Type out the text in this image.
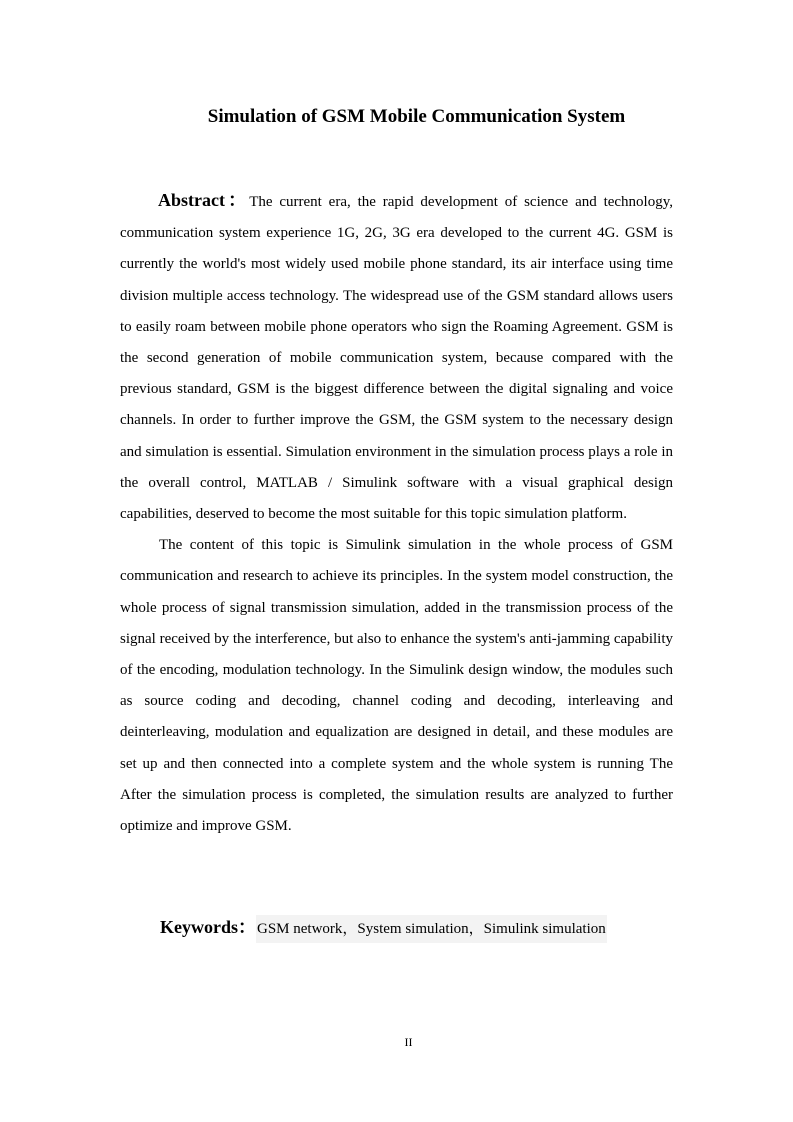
Simulation of GSM Mobile Communication System

Abstract：The current era, the rapid development of science and technology, communication system experience 1G, 2G, 3G era developed to the current 4G. GSM is currently the world's most widely used mobile phone standard, its air interface using time division multiple access technology. The widespread use of the GSM standard allows users to easily roam between mobile phone operators who sign the Roaming Agreement. GSM is the second generation of mobile communication system, because compared with the previous standard, GSM is the biggest difference between the digital signaling and voice channels. In order to further improve the GSM, the GSM system to the necessary design and simulation is essential. Simulation environment in the simulation process plays a role in the overall control, MATLAB / Simulink software with a visual graphical design capabilities, deserved to become the most suitable for this topic simulation platform.

The content of this topic is Simulink simulation in the whole process of GSM communication and research to achieve its principles. In the system model construction, the whole process of signal transmission simulation, added in the transmission process of the signal received by the interference, but also to enhance the system's anti-jamming capability of the encoding, modulation technology. In the Simulink design window, the modules such as source coding and decoding, channel coding and decoding, interleaving and deinterleaving, modulation and equalization are designed in detail, and these modules are set up and then connected into a complete system and the whole system is running The After the simulation process is completed, the simulation results are analyzed to further optimize and improve GSM.

Keywords：GSM network，System simulation，Simulink simulation
II
